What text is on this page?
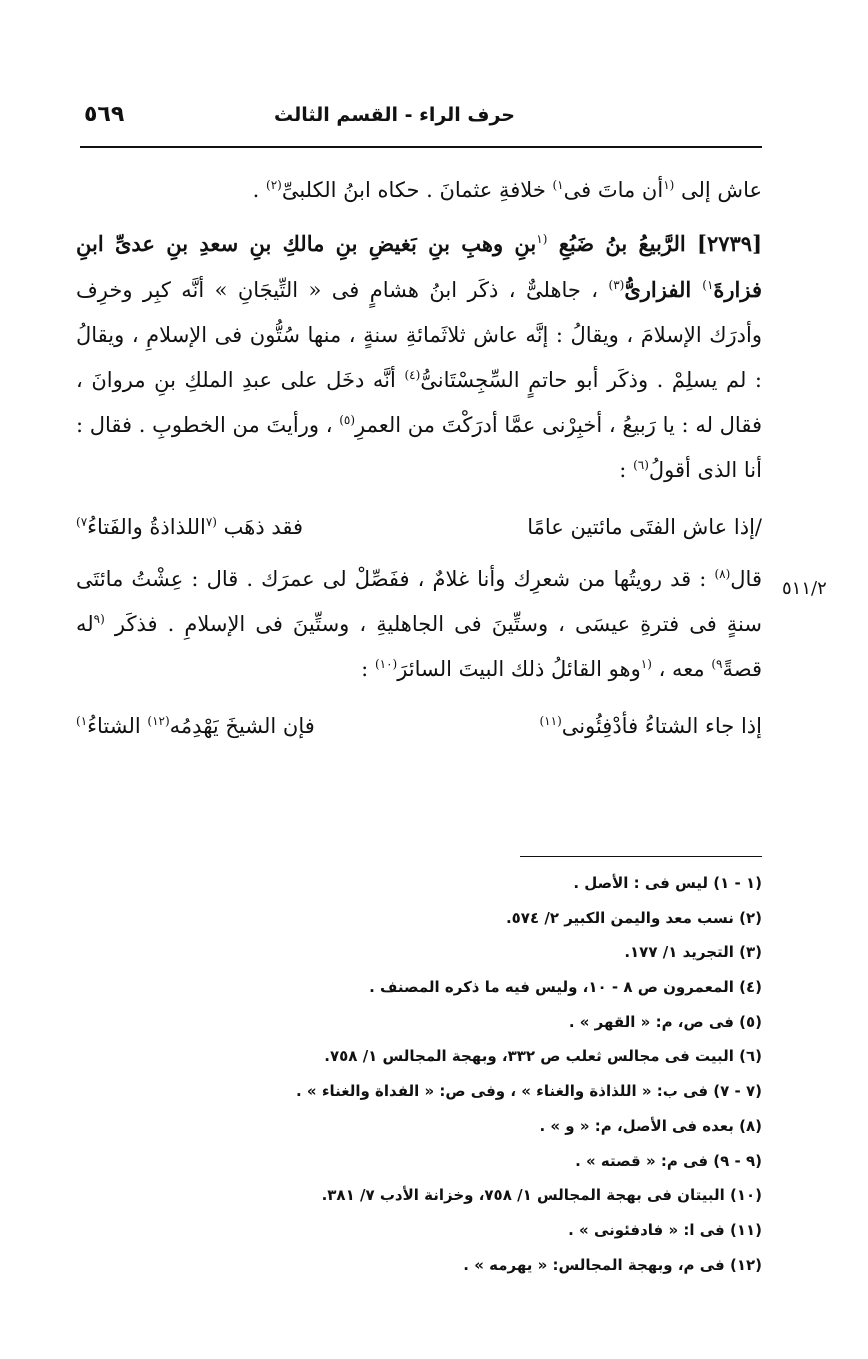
حرف الراء - القسم الثالث
٥٦٩

عاش إلى $^{(١}$أن ماتَ فى$^{١)}$ خلافةِ عثمانَ . حكاه ابنُ الكلبىِّ$^{(٢)}$ .

[٢٧٣٩] الرَّبيعُ بنُ ضَبُعِ $^{(١}$بنِ وهبِ بنِ بَغيضِ بنِ مالكِ بنِ سعدِ بنِ عدىِّ ابنِ فزارةَ$^{١)}$ الفزارىُّ$^{(٣)}$ ، جاهلىٌّ ، ذكَر ابنُ هشامٍ فى « التِّيجَانِ » أنَّه كبِر وخرِف وأدرَك الإسلامَ ، ويقالُ : إنَّه عاش ثلاثَمائةِ سنةٍ ، منها سُتُّون فى الإسلامِ ، ويقالُ : لم يسلِمْ . وذكَر أبو حاتمٍ السِّجِسْتَانىُّ$^{(٤)}$ أنَّه دخَل على عبدِ الملكِ بنِ مروانَ ، فقال له : يا رَبيعُ ، أخبِرْنى عمَّا أدرَكْتَ من العمرِ$^{(٥)}$ ، ورأيتَ من الخطوبِ . فقال : أنا الذى أقولُ$^{(٦)}$ :

/إذا عاش الفتَى مائتين عامًا
فقد ذهَب $^{(٧}$اللذاذةُ والفَتاءُ$^{٧)}$

قال$^{(٨)}$ : قد رويتُها من شعرِك وأنا غلامٌ ، ففَصِّلْ لى عمرَك . قال : عِشْتُ مائتَى سنةٍ فى فترةِ عيسَى ، وستِّينَ فى الجاهليةِ ، وستِّينَ فى الإسلامِ . فذكَر $^{(٩}$له قصةً$^{٩)}$ معه ، $^{(١}$وهو القائلُ ذلك البيتَ السائرَ$^{(١٠)}$ :

إذا جاء الشتاءُ فأدْفِئُونى$^{(١١)}$
فإن الشيخَ يَهْدِمُه$^{(١٢)}$ الشتاءُ$^{١)}$
٥١١/٢
(١ - ١) ليس فى : الأصل .
(٢) نسب معد واليمن الكبير ٢/ ٥٧٤.
(٣) التجريد ١/ ١٧٧.
(٤) المعمرون ص ٨ - ١٠، وليس فيه ما ذكره المصنف .
(٥) فى ص، م: « القهر » .
(٦) البيت فى مجالس ثعلب ص ٣٣٢، وبهجة المجالس ١/ ٧٥٨.
(٧ - ٧) فى ب: « اللذاذة والغناء » ، وفى ص: « الفداة والغناء » .
(٨) بعده فى الأصل، م: « و » .
(٩ - ٩) فى م: « قصته » .
(١٠) البيتان فى بهجة المجالس ١/ ٧٥٨، وخزانة الأدب ٧/ ٣٨١.
(١١) فى ا: « فادفئونى » .
(١٢) فى م، وبهجة المجالس: « يهرمه » .
